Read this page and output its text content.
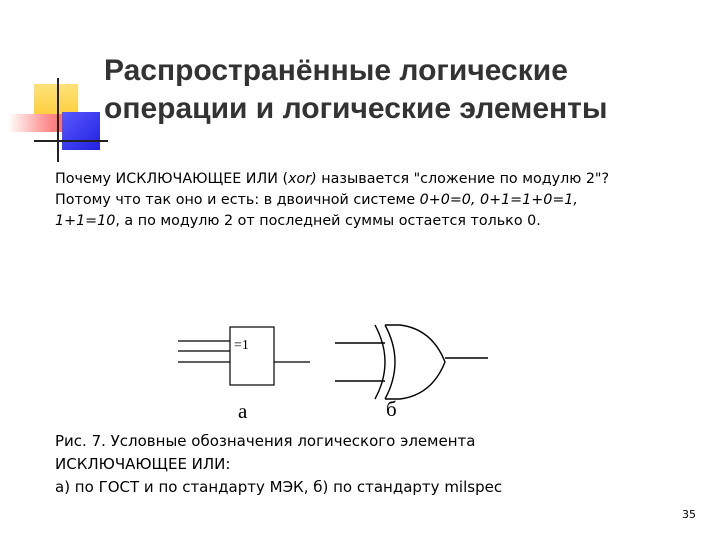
Распространённые логические
операции и логические элементы
Почему ИСКЛЮЧАЮЩЕЕ ИЛИ (xor) называется "сложение по модулю 2"?
Потому что так оно и есть: в двоичной системе 0+0=0, 0+1=1+0=1,
1+1=10, а по модулю 2 от последней суммы остается только 0.
=1
а	б
Рис. 7. Условные обозначения логического элемента
ИСКЛЮЧАЮЩЕЕ ИЛИ:
а) по ГОСТ и по стандарту МЭК, б) по стандарту milspec
35
